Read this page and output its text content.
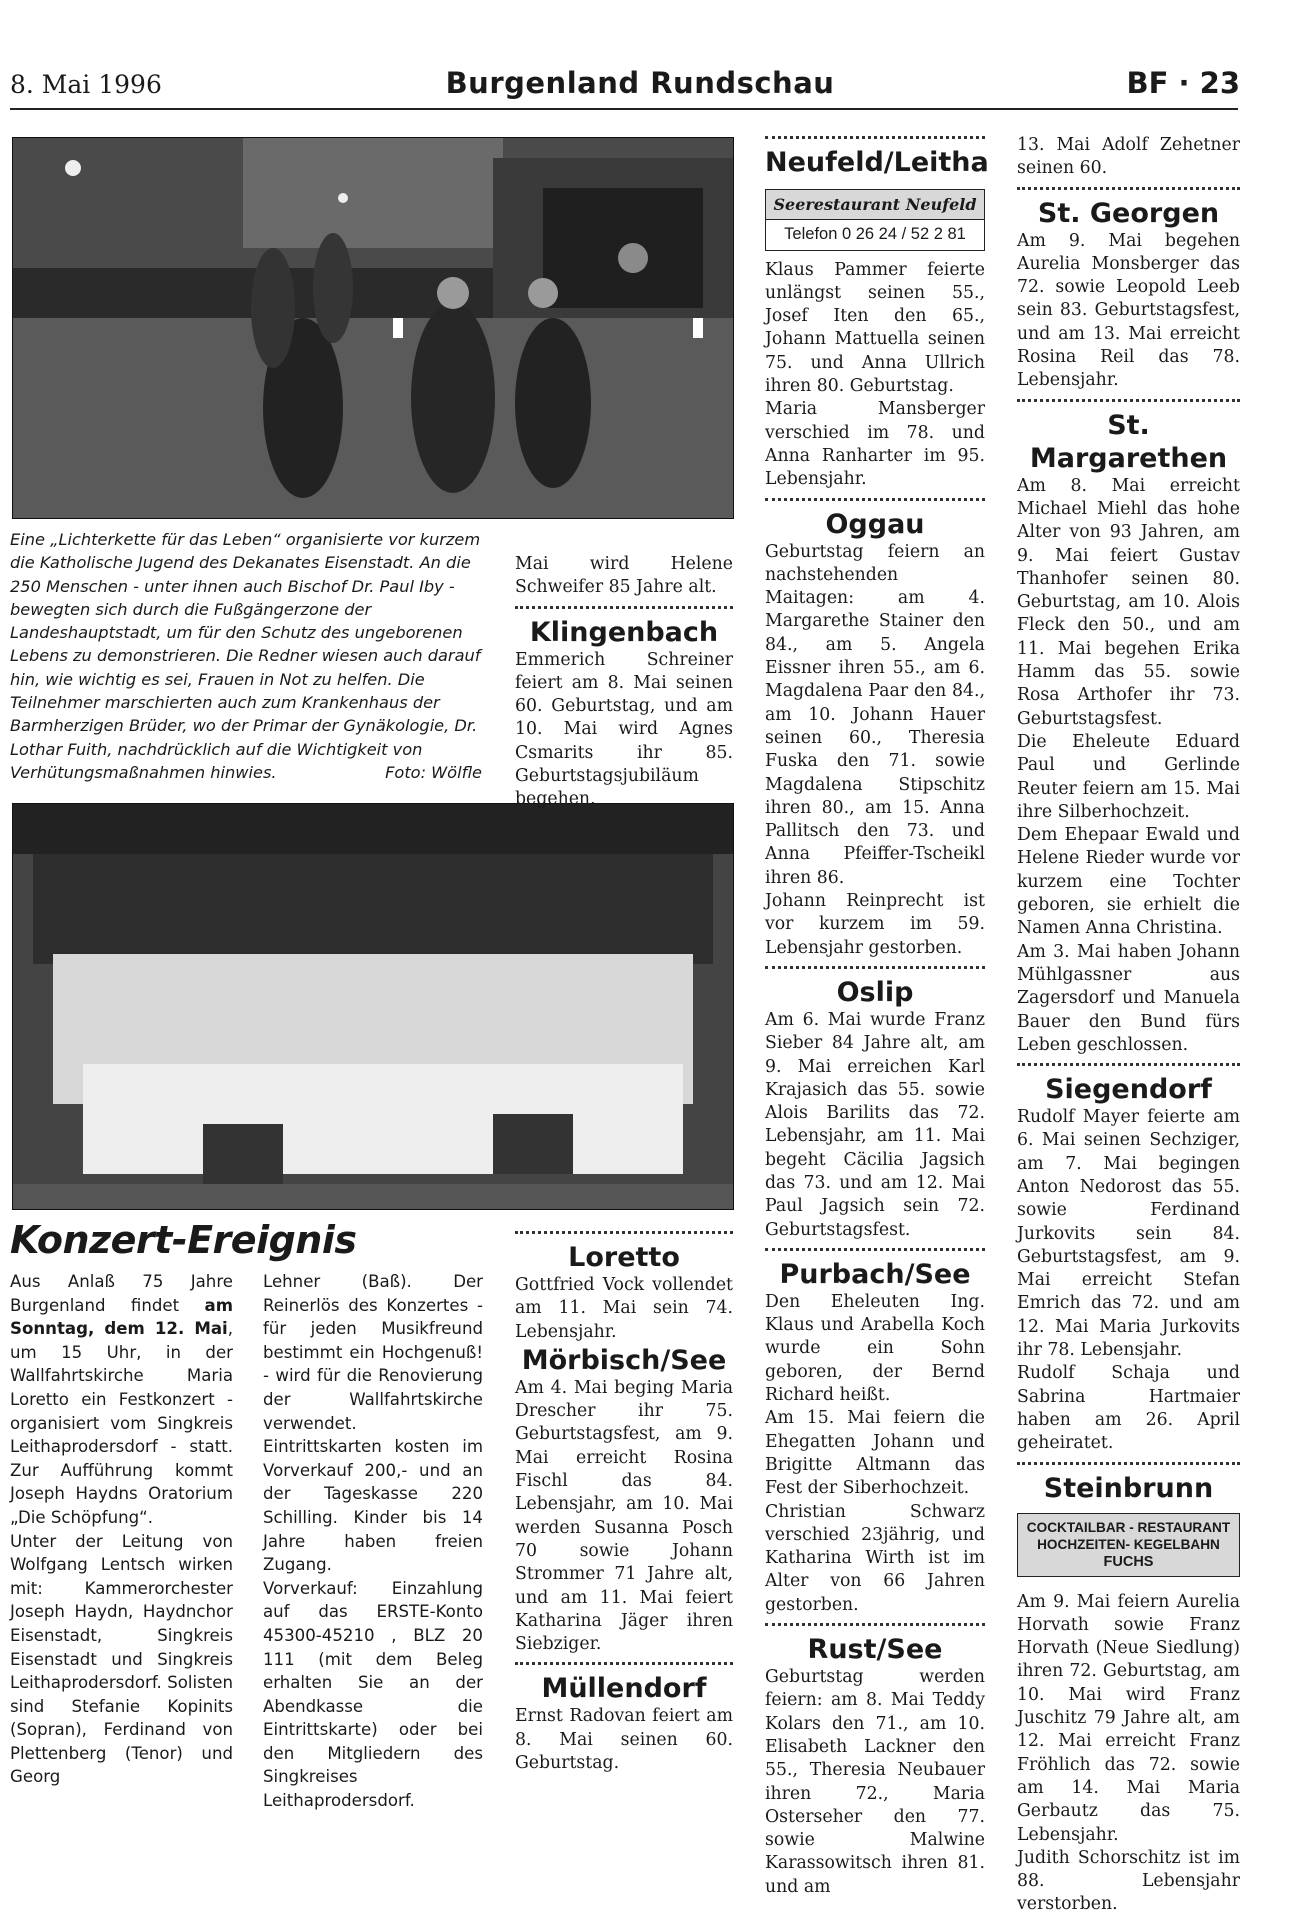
8. Mai 1996	Burgenland Rundschau	BF · 23
Eine „Lichterkette für das Leben“ organisierte vor kurzem die Katholische Jugend des Dekanates Eisenstadt. An die 250 Menschen - unter ihnen auch Bischof Dr. Paul Iby - bewegten sich durch die Fußgängerzone der Landeshauptstadt, um für den Schutz des ungeborenen Lebens zu demonstrieren. Die Redner wiesen auch darauf hin, wie wichtig es sei, Frauen in Not zu helfen. Die Teilnehmer marschierten auch zum Krankenhaus der Barmherzigen Brüder, wo der Primar der Gynäkologie, Dr. Lothar Fuith, nachdrücklich auf die Wichtigkeit von Verhütungsmaßnahmen hinwies.	Foto: Wölfle
Konzert-Ereignis

Aus Anlaß 75 Jahre Burgenland findet am Sonntag, dem 12. Mai, um 15 Uhr, in der Wallfahrtskirche Maria Loretto ein Festkonzert - organisiert vom Singkreis Leithaprodersdorf - statt. Zur Aufführung kommt Joseph Haydns Oratorium „Die Schöpfung“.

Unter der Leitung von Wolfgang Lentsch wirken mit: Kammerorchester Joseph Haydn, Haydnchor Eisenstadt, Singkreis Eisenstadt und Singkreis Leithaprodersdorf. Solisten sind Stefanie Kopinits (Sopran), Ferdinand von Plettenberg (Tenor) und Georg

Lehner (Baß). Der Reinerlös des Konzertes - für jeden Musikfreund bestimmt ein Hochgenuß! - wird für die Renovierung der Wallfahrtskirche verwendet.

Eintrittskarten kosten im Vorverkauf 200,- und an der Tageskasse 220 Schilling. Kinder bis 14 Jahre haben freien Zugang.

Vorverkauf: Einzahlung auf das ERSTE-Konto 45300-45210 , BLZ 20 111 (mit dem Beleg erhalten Sie an der Abendkasse die Eintrittskarte) oder bei den Mitgliedern des Singkreises Leithaprodersdorf.

Mai wird Helene Schweifer 85 Jahre alt.

Klingenbach

Emmerich Schreiner feiert am 8. Mai seinen 60. Geburtstag, und am 10. Mai wird Agnes Csmarits ihr 85. Geburtstagsjubiläum begehen.

Loretto

Gottfried Vock vollendet am 11. Mai sein 74. Lebensjahr.

Mörbisch/See

Am 4. Mai beging Maria Drescher ihr 75. Geburtstagsfest, am 9. Mai erreicht Rosina Fischl das 84. Lebensjahr, am 10. Mai werden Susanna Posch 70 sowie Johann Strommer 71 Jahre alt, und am 11. Mai feiert Katharina Jäger ihren Siebziger.

Müllendorf

Ernst Radovan feiert am 8. Mai seinen 60. Geburtstag.

Neufeld/Leitha
Seerestaurant Neufeld
Telefon 0 26 24 / 52 2 81

Klaus Pammer feierte unlängst seinen 55., Josef Iten den 65., Johann Mattuella seinen 75. und Anna Ullrich ihren 80. Geburtstag.

Maria Mansberger verschied im 78. und Anna Ranharter im 95. Lebensjahr.

Oggau

Geburtstag feiern an nachstehenden Maitagen: am 4. Margarethe Stainer den 84., am 5. Angela Eissner ihren 55., am 6. Magdalena Paar den 84., am 10. Johann Hauer seinen 60., Theresia Fuska den 71. sowie Magdalena Stipschitz ihren 80., am 15. Anna Pallitsch den 73. und Anna Pfeiffer-Tscheikl ihren 86.

Johann Reinprecht ist vor kurzem im 59. Lebensjahr gestorben.

Oslip

Am 6. Mai wurde Franz Sieber 84 Jahre alt, am 9. Mai erreichen Karl Krajasich das 55. sowie Alois Barilits das 72. Lebensjahr, am 11. Mai begeht Cäcilia Jagsich das 73. und am 12. Mai Paul Jagsich sein 72. Geburtstagsfest.

Purbach/See

Den Eheleuten Ing. Klaus und Arabella Koch wurde ein Sohn geboren, der Bernd Richard heißt.

Am 15. Mai feiern die Ehegatten Johann und Brigitte Altmann das Fest der Siberhochzeit.

Christian Schwarz verschied 23jährig, und Katharina Wirth ist im Alter von 66 Jahren gestorben.

Rust/See

Geburtstag werden feiern: am 8. Mai Teddy Kolars den 71., am 10. Elisabeth Lackner den 55., Theresia Neubauer ihren 72., Maria Osterseher den 77. sowie Malwine Karassowitsch ihren 81. und am

13. Mai Adolf Zehetner seinen 60.

St. Georgen

Am 9. Mai begehen Aurelia Monsberger das 72. sowie Leopold Leeb sein 83. Geburtstagsfest, und am 13. Mai erreicht Rosina Reil das 78. Lebensjahr.

St. Margarethen

Am 8. Mai erreicht Michael Miehl das hohe Alter von 93 Jahren, am 9. Mai feiert Gustav Thanhofer seinen 80. Geburtstag, am 10. Alois Fleck den 50., und am 11. Mai begehen Erika Hamm das 55. sowie Rosa Arthofer ihr 73. Geburtstagsfest.

Die Eheleute Eduard Paul und Gerlinde Reuter feiern am 15. Mai ihre Silberhochzeit.

Dem Ehepaar Ewald und Helene Rieder wurde vor kurzem eine Tochter geboren, sie erhielt die Namen Anna Christina.

Am 3. Mai haben Johann Mühlgassner aus Zagersdorf und Manuela Bauer den Bund fürs Leben geschlossen.

Siegendorf

Rudolf Mayer feierte am 6. Mai seinen Sechziger, am 7. Mai begingen Anton Nedorost das 55. sowie Ferdinand Jurkovits sein 84. Geburtstagsfest, am 9. Mai erreicht Stefan Emrich das 72. und am 12. Mai Maria Jurkovits ihr 78. Lebensjahr.

Rudolf Schaja und Sabrina Hartmaier haben am 26. April geheiratet.

Steinbrunn
COCKTAILBAR - RESTAURANT
HOCHZEITEN- KEGELBAHN
FUCHS

Am 9. Mai feiern Aurelia Horvath sowie Franz Horvath (Neue Siedlung) ihren 72. Geburtstag, am 10. Mai wird Franz Juschitz 79 Jahre alt, am 12. Mai erreicht Franz Fröhlich das 72. sowie am 14. Mai Maria Gerbautz das 75. Lebensjahr.

Judith Schorschitz ist im 88. Lebensjahr verstorben.
